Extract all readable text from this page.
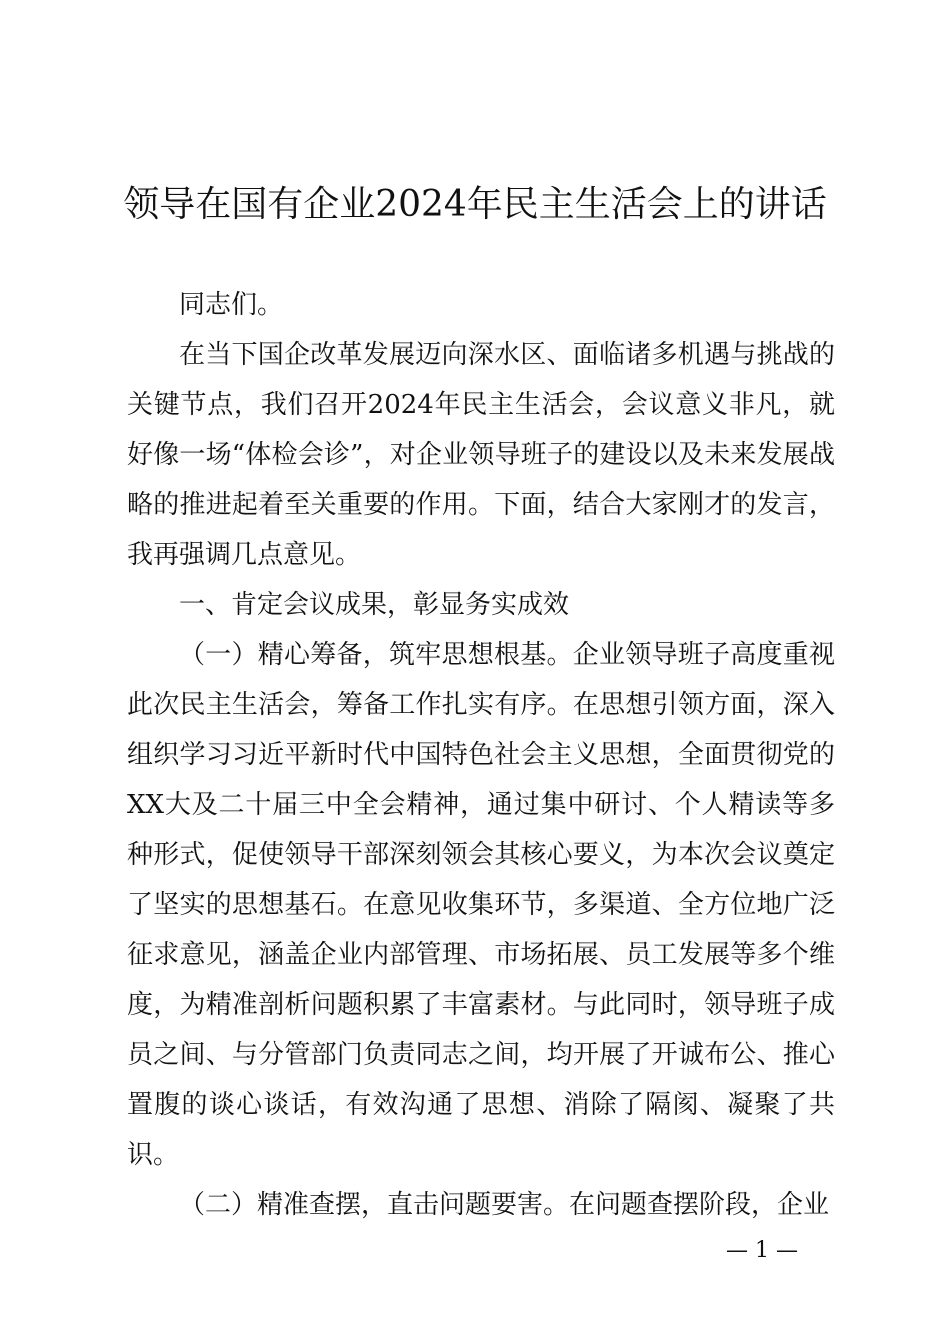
领导在国有企业2024年民主生活会上的讲话

同志们。

在当下国企改革发展迈向深水区、面临诸多机遇与挑战的关键节点，我们召开2024年民主生活会，会议意义非凡，就好像一场“体检会诊”，对企业领导班子的建设以及未来发展战略的推进起着至关重要的作用。下面，结合大家刚才的发言，我再强调几点意见。

一、肯定会议成果，彰显务实成效

（一）精心筹备，筑牢思想根基。企业领导班子高度重视此次民主生活会，筹备工作扎实有序。在思想引领方面，深入组织学习习近平新时代中国特色社会主义思想，全面贯彻党的XX大及二十届三中全会精神，通过集中研讨、个人精读等多种形式，促使领导干部深刻领会其核心要义，为本次会议奠定了坚实的思想基石。在意见收集环节，多渠道、全方位地广泛征求意见，涵盖企业内部管理、市场拓展、员工发展等多个维度，为精准剖析问题积累了丰富素材。与此同时，领导班子成员之间、与分管部门负责同志之间，均开展了开诚布公、推心置腹的谈心谈话，有效沟通了思想、消除了隔阂、凝聚了共识。

（二）精准查摆，直击问题要害。在问题查摆阶段，企业

— 1 —
